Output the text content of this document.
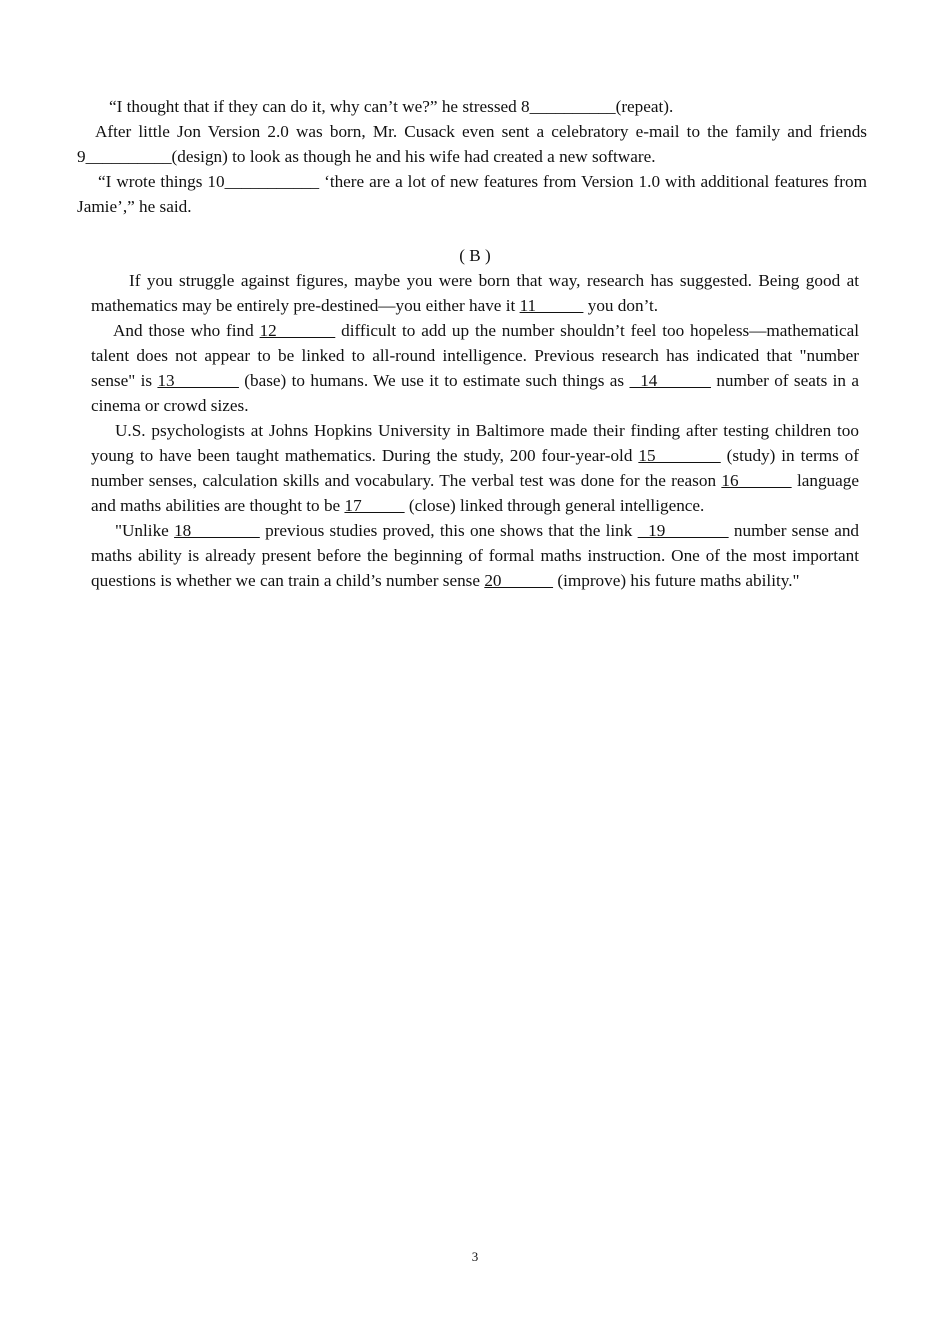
“I thought that if they can do it, why can’t we?” he stressed 8__________(repeat).

After little Jon Version 2.0 was born, Mr. Cusack even sent a celebratory e-mail to the family and friends 9__________(design) to look as though he and his wife had created a new software.

“I wrote things 10___________ ‘there are a lot of new features from Version 1.0 with additional features from Jamie’,” he said.

( B )

If you struggle against figures, maybe you were born that way, research has suggested. Being good at mathematics may be entirely pre-destined—you either have it 11            you don’t.

And those who find 12           difficult to add up the number shouldn’t feel too hopeless—mathematical talent does not appear to be linked to all-round intelligence. Previous research has indicated that "number sense" is 13             (base) to humans. We use it to estimate such things as   14           number of seats in a cinema or crowd sizes.

U.S. psychologists at Johns Hopkins University in Baltimore made their finding after testing children too young to have been taught mathematics. During the study, 200 four-year-old 15            (study) in terms of number senses, calculation skills and vocabulary. The verbal test was done for the reason 16           language and maths abilities are thought to be 17           (close) linked through general intelligence.

"Unlike 18              previous studies proved, this one shows that the link   19             number sense and maths ability is already present before the beginning of formal maths instruction. One of the most important questions is whether we can train a child’s number sense 20             (improve) his future maths ability."

3
